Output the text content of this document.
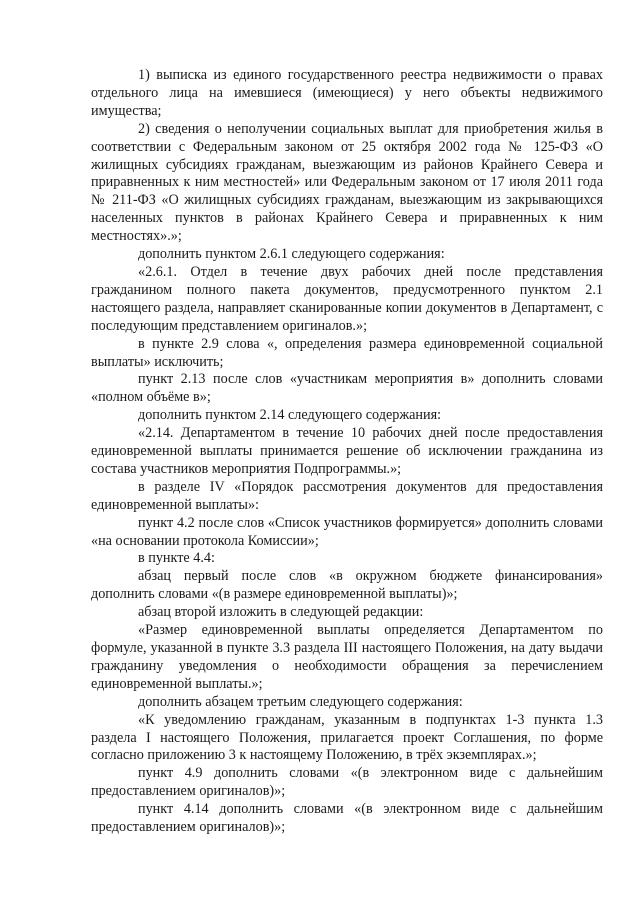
1) выписка из единого государственного реестра недвижимости о правах отдельного лица на имевшиеся (имеющиеся) у него объекты недвижимого имущества;

2) сведения о неполучении социальных выплат для приобретения жилья в соответствии с Федеральным законом от 25 октября 2002 года № 125-ФЗ «О жилищных субсидиях гражданам, выезжающим из районов Крайнего Севера и приравненных к ним местностей» или Федеральным законом от 17 июля 2011 года № 211-ФЗ «О жилищных субсидиях гражданам, выезжающим из закрывающихся населенных пунктов в районах Крайнего Севера и приравненных к ним местностях».»;

дополнить пунктом 2.6.1 следующего содержания:

«2.6.1. Отдел в течение двух рабочих дней после представления гражданином полного пакета документов, предусмотренного пунктом 2.1 настоящего раздела, направляет сканированные копии документов в Департамент, с последующим представлением оригиналов.»;

в пункте 2.9 слова «, определения размера единовременной социальной выплаты» исключить;

пункт 2.13 после слов «участникам мероприятия в» дополнить словами «полном объёме в»;

дополнить пунктом 2.14 следующего содержания:

«2.14. Департаментом в течение 10 рабочих дней после предоставления единовременной выплаты принимается решение об исключении гражданина из состава участников мероприятия Подпрограммы.»;

в разделе IV «Порядок рассмотрения документов для предоставления единовременной выплаты»:

пункт 4.2 после слов «Список участников формируется» дополнить словами «на основании протокола Комиссии»;

в пункте 4.4:

абзац первый после слов «в окружном бюджете финансирования» дополнить словами «(в размере единовременной выплаты)»;

абзац второй изложить в следующей редакции:

«Размер единовременной выплаты определяется Департаментом по формуле, указанной в пункте 3.3 раздела III настоящего Положения, на дату выдачи гражданину уведомления о необходимости обращения за перечислением единовременной выплаты.»;

дополнить абзацем третьим следующего содержания:

«К уведомлению гражданам, указанным в подпунктах 1-3 пункта 1.3 раздела I настоящего Положения, прилагается проект Соглашения, по форме согласно приложению 3 к настоящему Положению, в трёх экземплярах.»;

пункт 4.9 дополнить словами «(в электронном виде с дальнейшим предоставлением оригиналов)»;

пункт 4.14 дополнить словами «(в электронном виде с дальнейшим предоставлением оригиналов)»;
